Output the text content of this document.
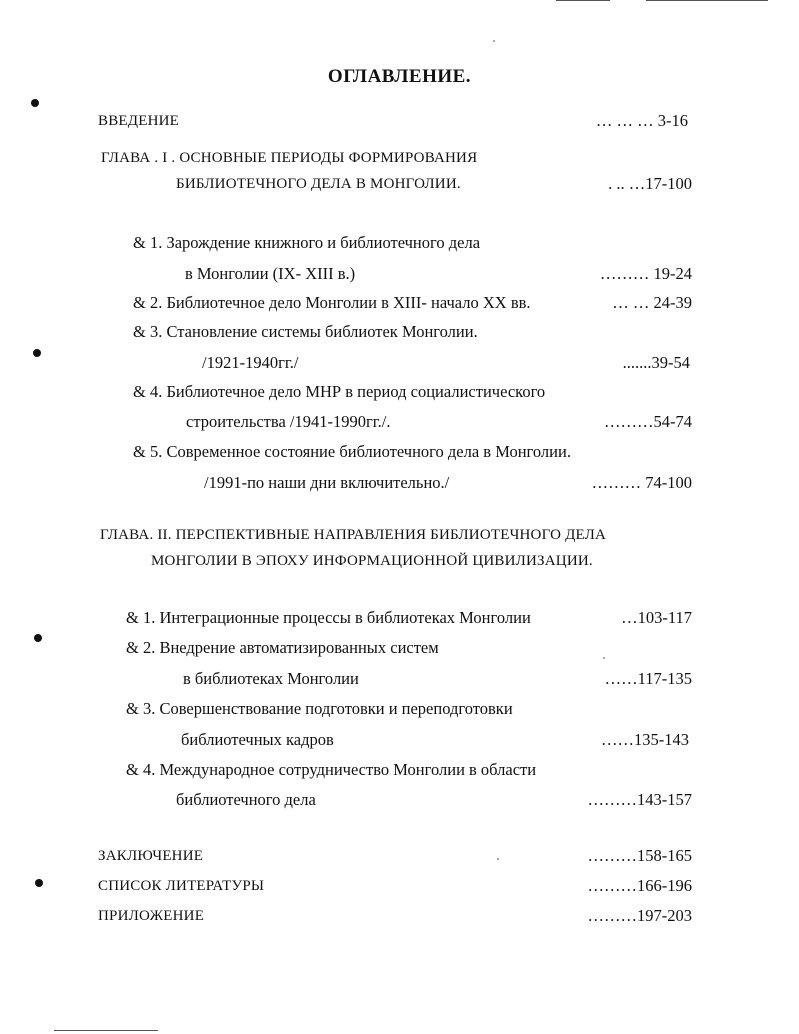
ОГЛАВЛЕНИЕ.
ВВЕДЕНИЕ	… … … 3-16
ГЛАВА . I . ОСНОВНЫЕ ПЕРИОДЫ ФОРМИРОВАНИЯ
БИБЛИОТЕЧНОГО ДЕЛА В МОНГОЛИИ.	. .. …17-100
& 1. Зарождение книжного и библиотечного дела
в Монголии (IX- XIII в.)	……… 19-24
& 2. Библиотечное дело Монголии в XIII- начало XX вв.	… … 24-39
& 3. Становление системы библиотек Монголии.
/1921-1940гг./	.......39-54
& 4. Библиотечное дело МНР в период социалистического
строительства /1941-1990гг./.	………54-74
& 5. Современное состояние библиотечного дела в Монголии.
/1991-по наши дни включительно./	……… 74-100
ГЛАВА. II. ПЕРСПЕКТИВНЫЕ НАПРАВЛЕНИЯ БИБЛИОТЕЧНОГО ДЕЛА
МОНГОЛИИ В ЭПОХУ ИНФОРМАЦИОННОЙ ЦИВИЛИЗАЦИИ.
& 1. Интеграционные процессы в библиотеках Монголии	…103-117
& 2. Внедрение автоматизированных систем
в библиотеках Монголии	……117-135
& 3. Совершенствование подготовки и переподготовки
библиотечных кадров	……135-143
& 4. Международное сотрудничество Монголии в области
библиотечного дела	………143-157
ЗАКЛЮЧЕНИЕ	………158-165
СПИСОК ЛИТЕРАТУРЫ	………166-196
ПРИЛОЖЕНИЕ	………197-203
